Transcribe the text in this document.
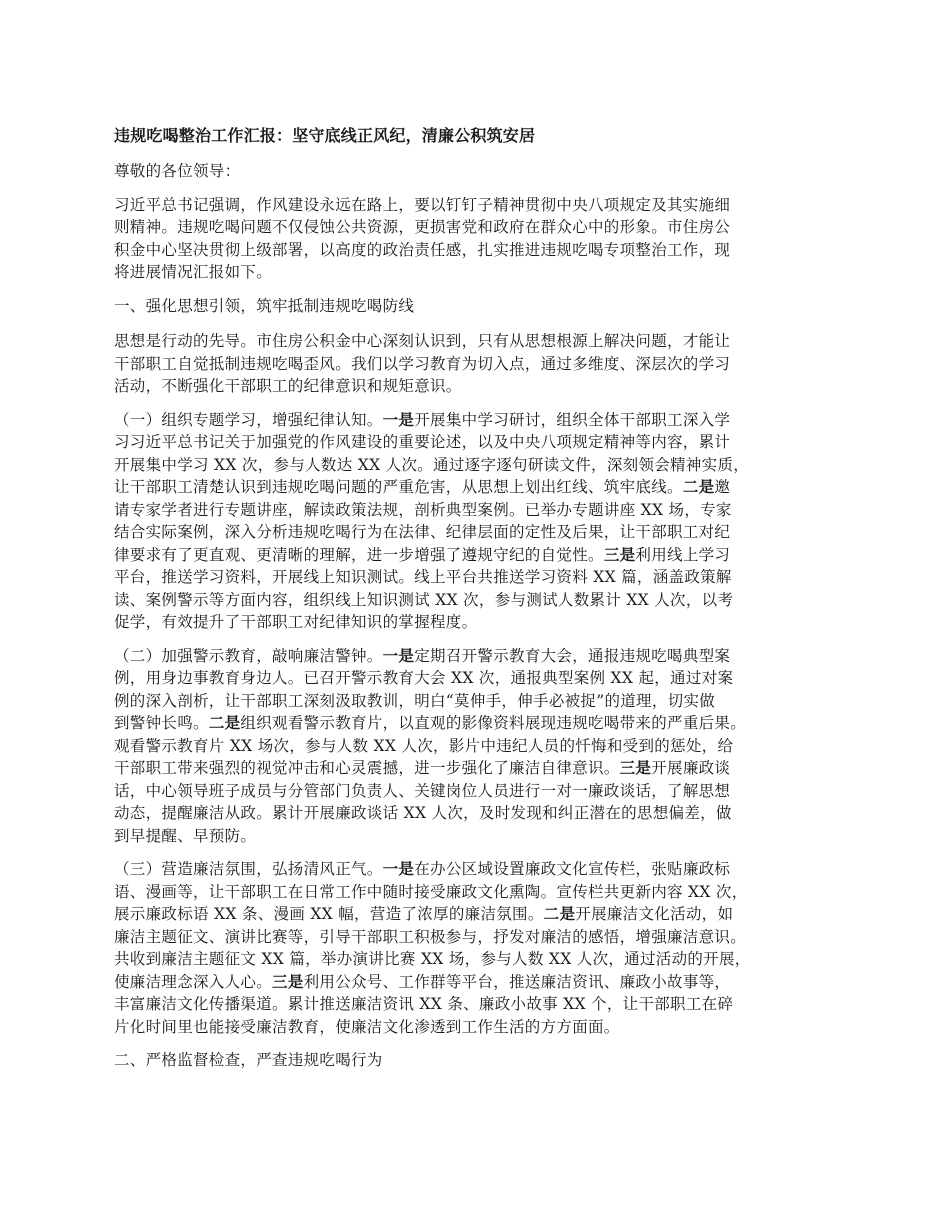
违规吃喝整治工作汇报：坚守底线正风纪，清廉公积筑安居

尊敬的各位领导：

习近平总书记强调，作风建设永远在路上，要以钉钉子精神贯彻中央八项规定及其实施细
则精神。违规吃喝问题不仅侵蚀公共资源，更损害党和政府在群众心中的形象。市住房公
积金中心坚决贯彻上级部署，以高度的政治责任感，扎实推进违规吃喝专项整治工作，现
将进展情况汇报如下。

一、强化思想引领，筑牢抵制违规吃喝防线

思想是行动的先导。市住房公积金中心深刻认识到，只有从思想根源上解决问题，才能让
干部职工自觉抵制违规吃喝歪风。我们以学习教育为切入点，通过多维度、深层次的学习
活动，不断强化干部职工的纪律意识和规矩意识。

（一）组织专题学习，增强纪律认知。一是开展集中学习研讨，组织全体干部职工深入学
习习近平总书记关于加强党的作风建设的重要论述，以及中央八项规定精神等内容，累计
开展集中学习 XX 次，参与人数达 XX 人次。通过逐字逐句研读文件，深刻领会精神实质，
让干部职工清楚认识到违规吃喝问题的严重危害，从思想上划出红线、筑牢底线。二是邀
请专家学者进行专题讲座，解读政策法规，剖析典型案例。已举办专题讲座 XX 场，专家
结合实际案例，深入分析违规吃喝行为在法律、纪律层面的定性及后果，让干部职工对纪
律要求有了更直观、更清晰的理解，进一步增强了遵规守纪的自觉性。三是利用线上学习
平台，推送学习资料，开展线上知识测试。线上平台共推送学习资料 XX 篇，涵盖政策解
读、案例警示等方面内容，组织线上知识测试 XX 次，参与测试人数累计 XX 人次，以考
促学，有效提升了干部职工对纪律知识的掌握程度。

（二）加强警示教育，敲响廉洁警钟。一是定期召开警示教育大会，通报违规吃喝典型案
例，用身边事教育身边人。已召开警示教育大会 XX 次，通报典型案例 XX 起，通过对案
例的深入剖析，让干部职工深刻汲取教训，明白“莫伸手，伸手必被捉”的道理，切实做
到警钟长鸣。二是组织观看警示教育片，以直观的影像资料展现违规吃喝带来的严重后果。
观看警示教育片 XX 场次，参与人数 XX 人次，影片中违纪人员的忏悔和受到的惩处，给
干部职工带来强烈的视觉冲击和心灵震撼，进一步强化了廉洁自律意识。三是开展廉政谈
话，中心领导班子成员与分管部门负责人、关键岗位人员进行一对一廉政谈话，了解思想
动态，提醒廉洁从政。累计开展廉政谈话 XX 人次，及时发现和纠正潜在的思想偏差，做
到早提醒、早预防。

（三）营造廉洁氛围，弘扬清风正气。一是在办公区域设置廉政文化宣传栏，张贴廉政标
语、漫画等，让干部职工在日常工作中随时接受廉政文化熏陶。宣传栏共更新内容 XX 次，
展示廉政标语 XX 条、漫画 XX 幅，营造了浓厚的廉洁氛围。二是开展廉洁文化活动，如
廉洁主题征文、演讲比赛等，引导干部职工积极参与，抒发对廉洁的感悟，增强廉洁意识。
共收到廉洁主题征文 XX 篇，举办演讲比赛 XX 场，参与人数 XX 人次，通过活动的开展，
使廉洁理念深入人心。三是利用公众号、工作群等平台，推送廉洁资讯、廉政小故事等，
丰富廉洁文化传播渠道。累计推送廉洁资讯 XX 条、廉政小故事 XX 个，让干部职工在碎
片化时间里也能接受廉洁教育，使廉洁文化渗透到工作生活的方方面面。

二、严格监督检查，严查违规吃喝行为
